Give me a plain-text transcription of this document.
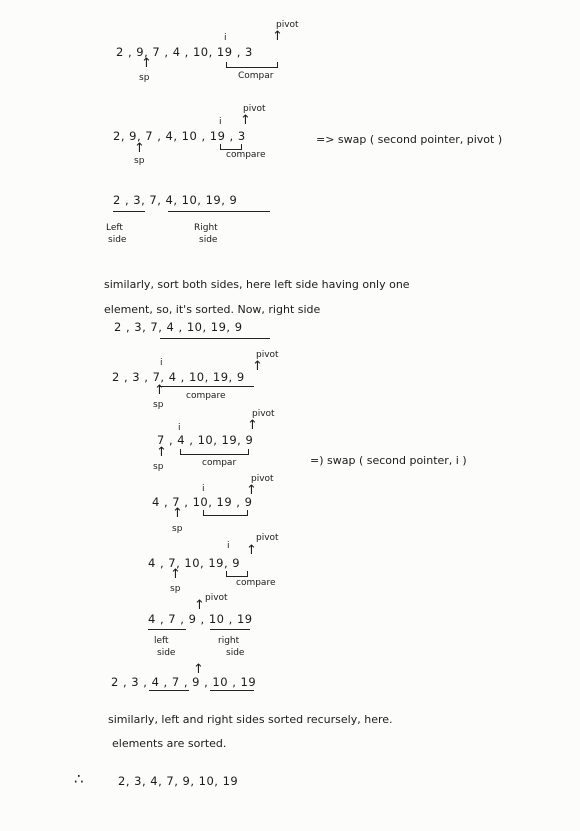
pivot
↑
i
2 , 9, 7 , 4 , 10, 19 , 3
↑
sp	Compar
pivot
↑
i
2, 9, 7 , 4, 10 , 19 , 3	=> swap ( second pointer, pivot )
↑	compare
sp
2 , 3, 7, 4, 10, 19, 9
Left
side
Right
side
similarly, sort both sides, here left side having only one
element, so, it's sorted. Now, right side
2 , 3, 7, 4 , 10, 19, 9
pivot
i	↑
2 , 3 , 7, 4 , 10, 19, 9
↑ compare
sp
pivot
↑
i
7 , 4 , 10, 19, 9
↑
=) swap ( second pointer, i )
compar
sp
pivot
↑
i
4 , 7 , 10, 19 , 9
↑
sp
pivot
i ↑
4 , 7, 10, 19, 9
↑
compare
sp
pivot
↑
4 , 7 , 9 , 10 , 19
left
side
right
side
↑
2 , 3 , 4 , 7 , 9 , 10 , 19
similarly, left and right sides sorted recursely, here.
elements are sorted.
∴	2, 3, 4, 7, 9, 10, 19
